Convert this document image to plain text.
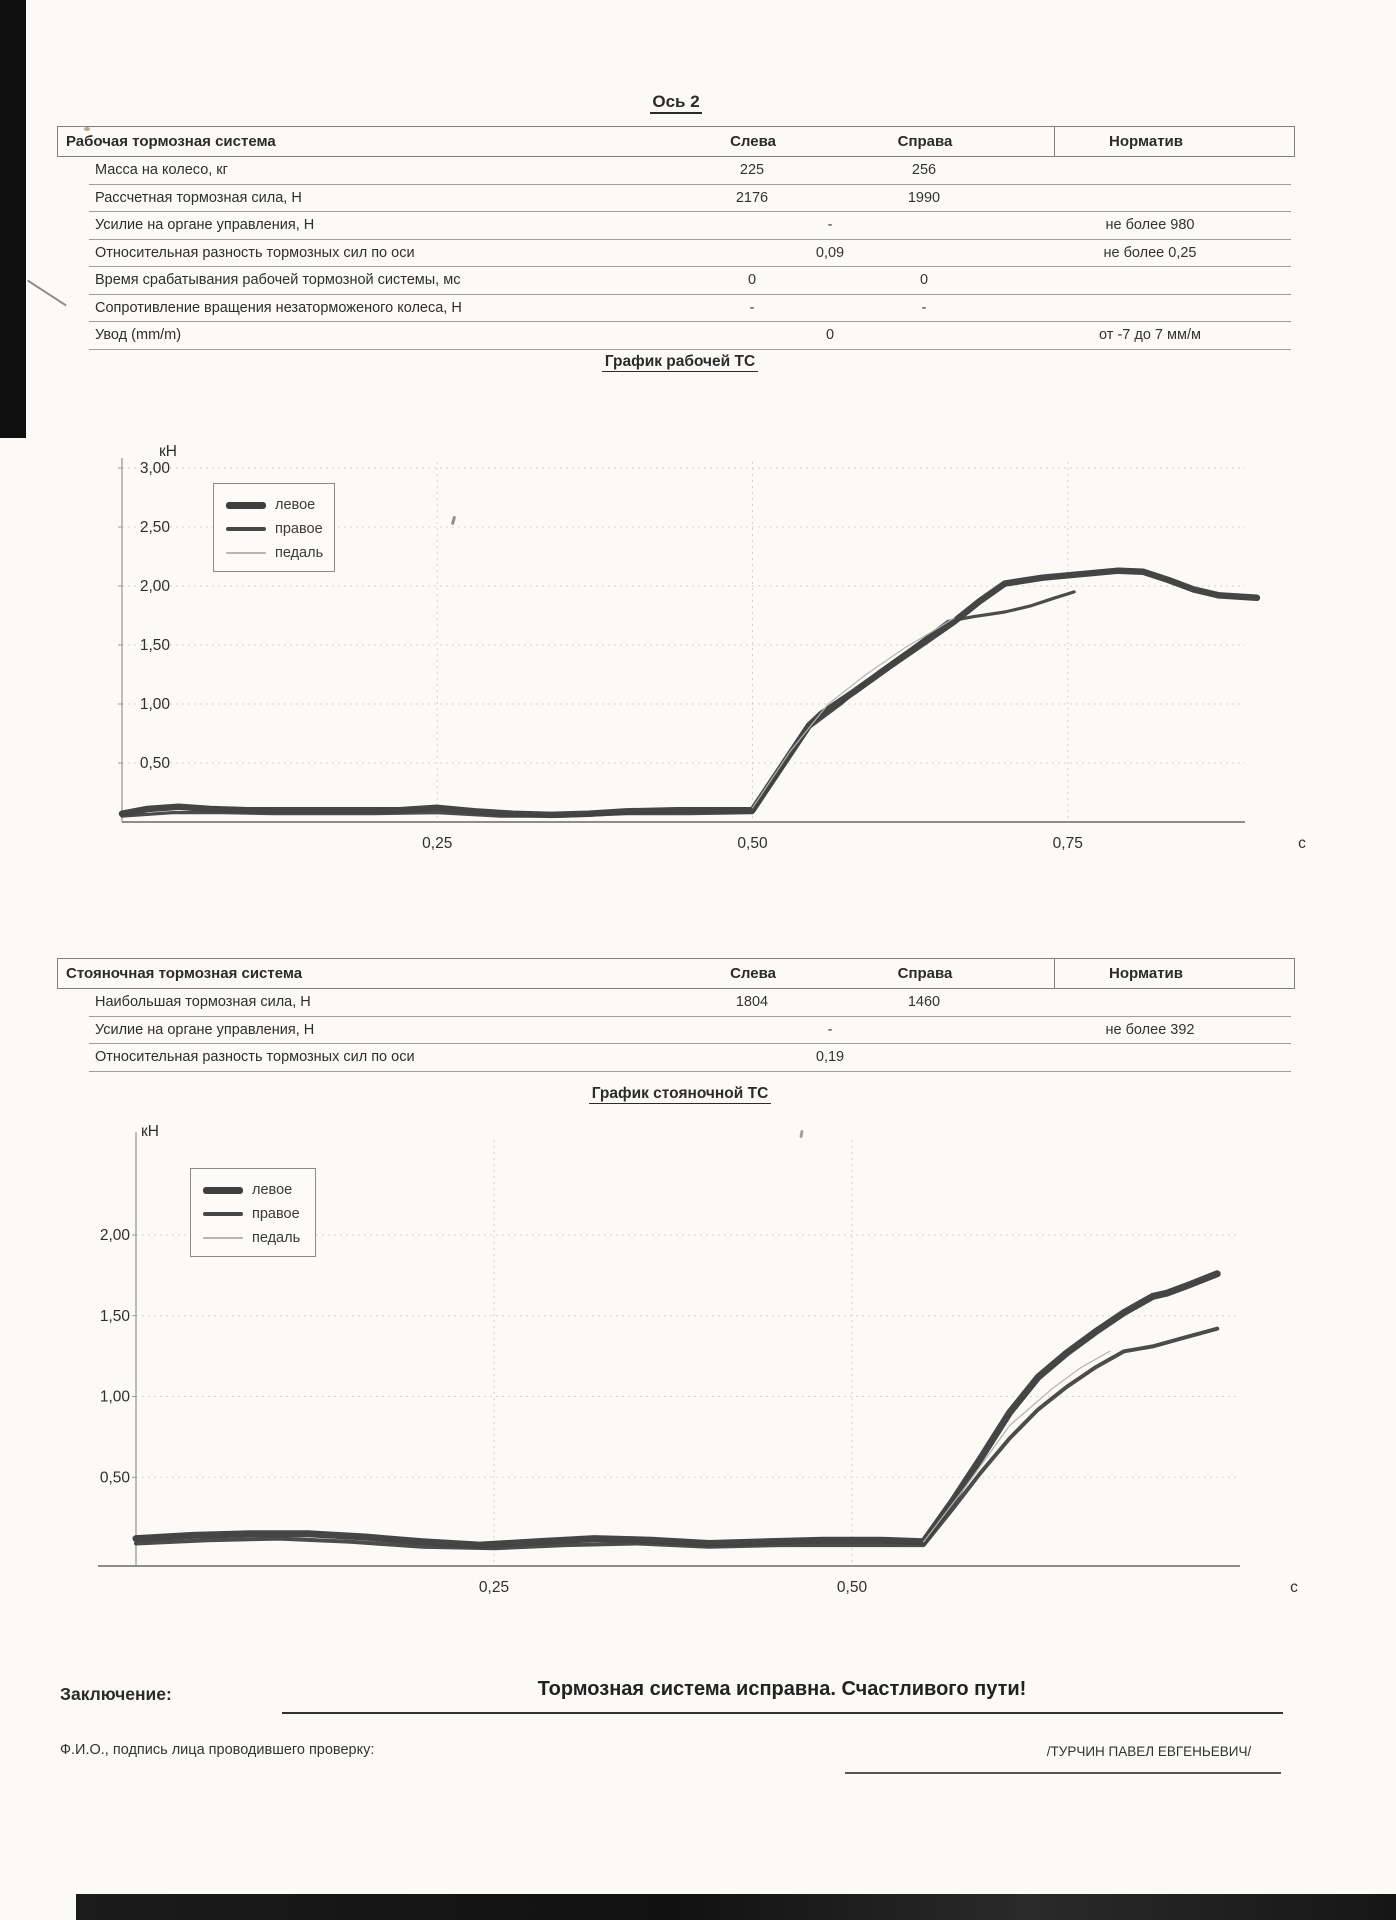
3,00
2,50
2,00
1,50
1,00
0,50
0,25	0,50	0,75
кН
с
2,00
1,50
1,00
0,50
0,25	0,50
кН
с
Ось 2
Рабочая тормозная система	Слева	Справа	Норматив
Масса на колесо, кг	225	256
Рассчетная тормозная сила, Н	2176	1990
Усилие на органе управления, Н	-	не более 980
Относительная разность тормозных сил по оси	0,09	не более 0,25
Время срабатывания рабочей тормозной системы, мс	0	0
Сопротивление вращения незаторможеного колеса, Н	-	-
Увод (mm/m)	0	от -7 до 7 мм/м
График рабочей ТС
левое
правое
педаль
Стояночная тормозная система	Слева	Справа	Норматив
Наибольшая тормозная сила, Н	1804	1460
Усилие на органе управления, Н	-	не более 392
Относительная разность тормозных сил по оси	0,19
График стояночной ТС
левое
правое
педаль
Заключение:	Тормозная система исправна. Счастливого пути!
Ф.И.О., подпись лица проводившего проверку:	/ТУРЧИН ПАВЕЛ ЕВГЕНЬЕВИЧ/
